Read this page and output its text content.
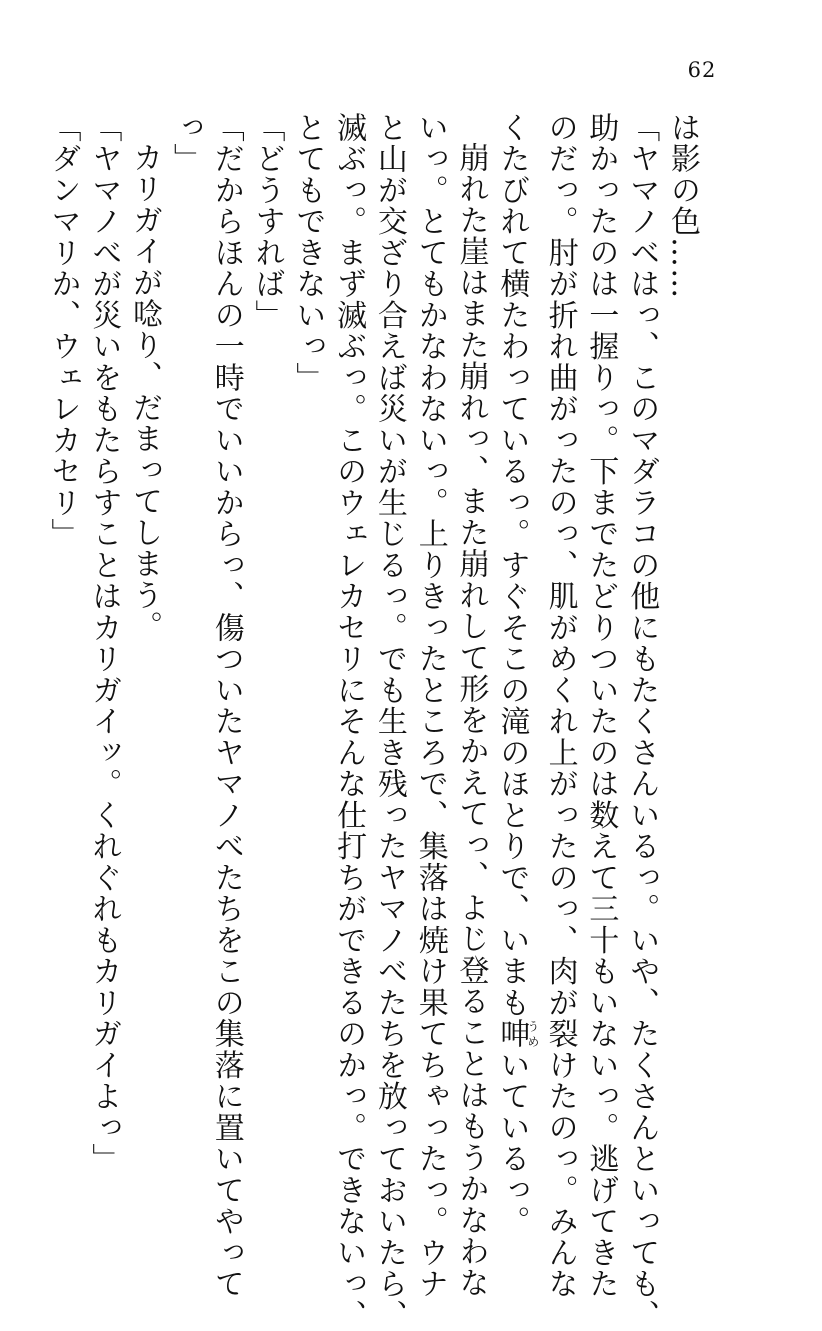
62
は影の色……
「ヤマノベはっ、このマダラコの他にもたくさんいるっ。いや、たくさんといっても、
助かったのは一握りっ。下までたどりついたのは数えて三十もいないっ。逃げてきた
のだっ。肘が折れ曲がったのっ、肌がめくれ上がったのっ、肉が裂けたのっ。みんな
くたびれて横たわっているっ。すぐそこの滝のほとりで、いまも呻うめいているっ。
崩れた崖はまた崩れっ、また崩れして形をかえてっ、よじ登ることはもうかなわな
いっ。とてもかなわないっ。上りきったところで、集落は焼け果てちゃったっ。ウナ
と山が交ざり合えば災いが生じるっ。でも生き残ったヤマノべたちを放っておいたら、
滅ぶっ。まず滅ぶっ。このウェレカセリにそんな仕打ちができるのかっ。できないっ、
とてもできないっ」
「どうすれば」
「だからほんの一時でいいからっ、傷ついたヤマノべたちをこの集落に置いてやって
っ」
カリガイが唸り、だまってしまう。
「ヤマノべが災いをもたらすことはカリガイッ。くれぐれもカリガイよっ」
「ダンマリか、ウェレカセリ」
